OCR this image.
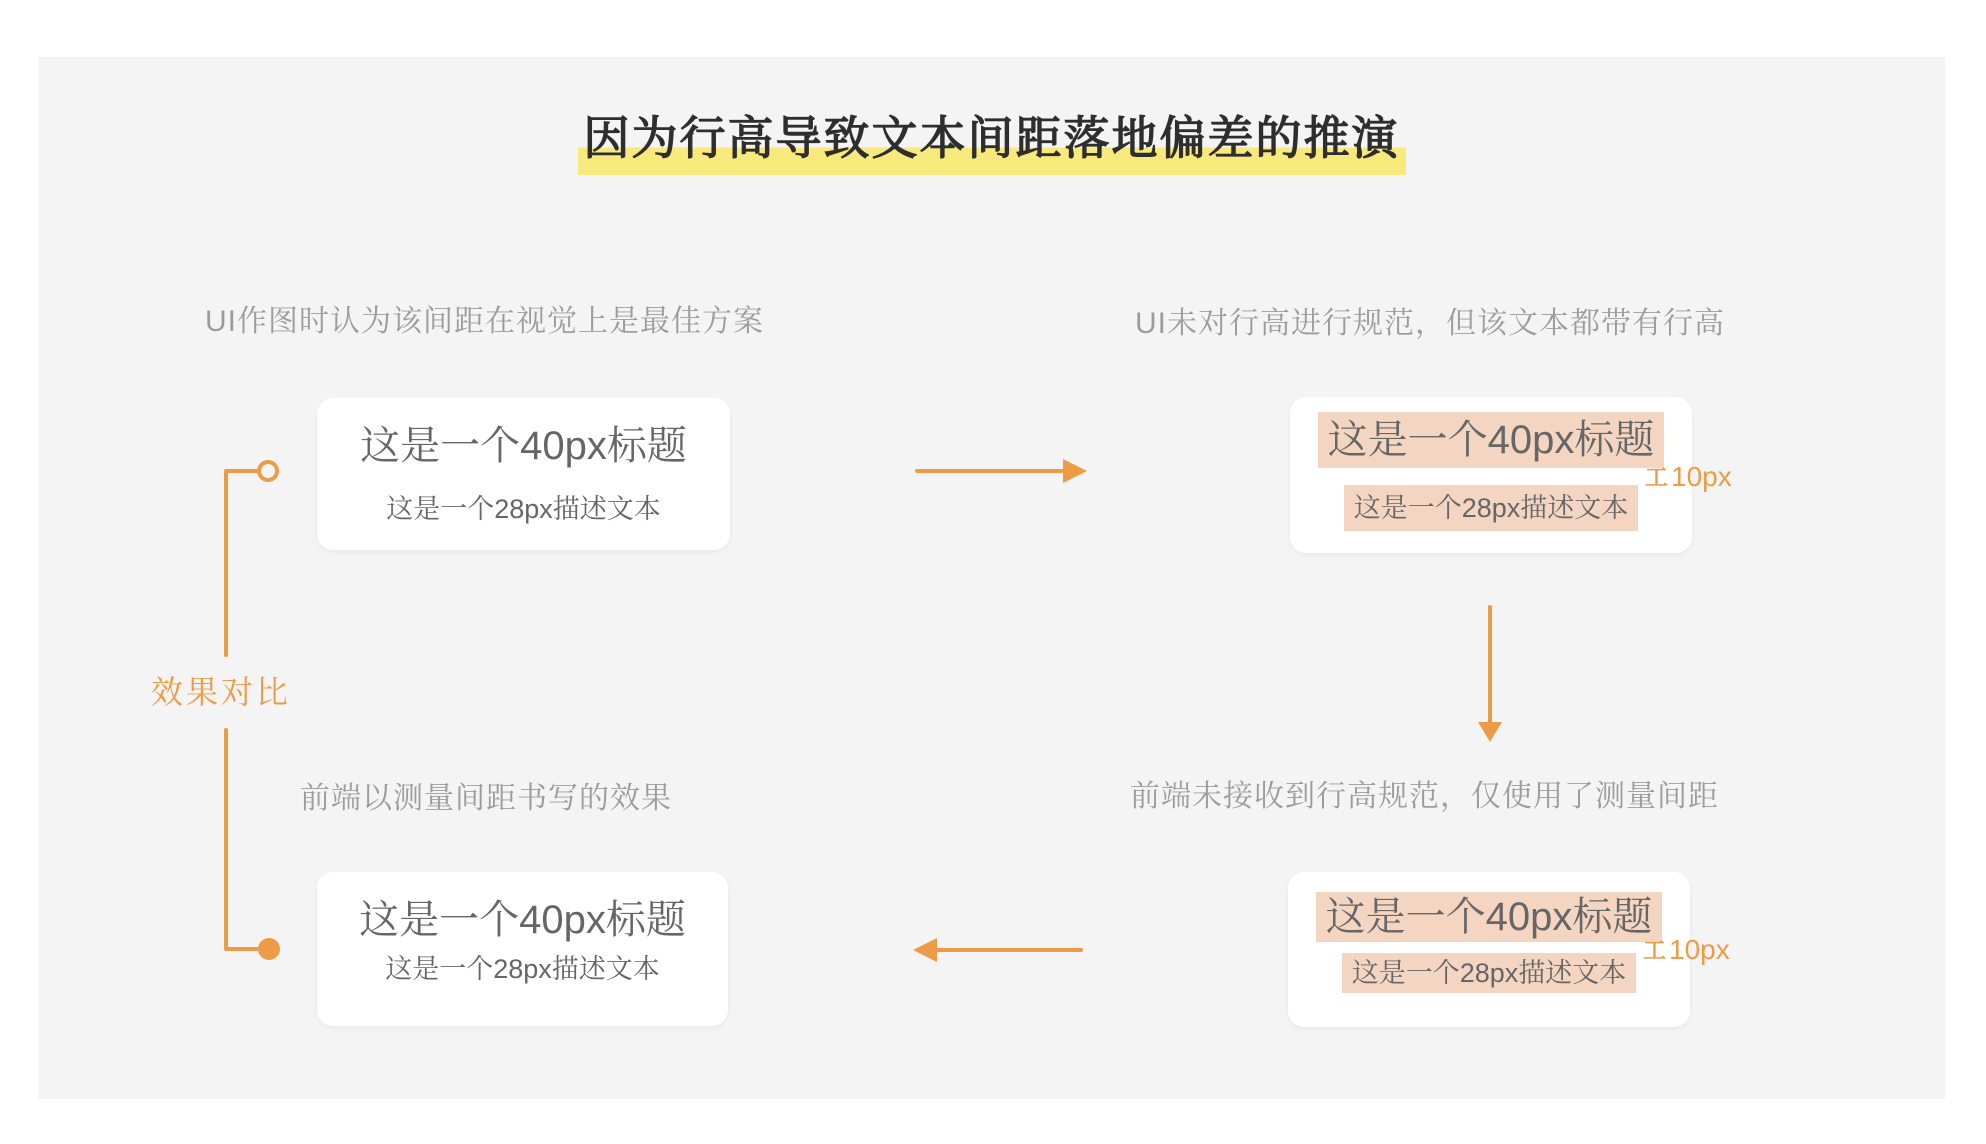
因为行高导致文本间距落地偏差的推演
UI作图时认为该间距在视觉上是最佳方案
这是一个40px标题
这是一个28px描述文本
UI未对行高进行规范，但该文本都带有行高
这是一个40px标题
这是一个28px描述文本
工 10px
前端未接收到行高规范，仅使用了测量间距
这是一个40px标题
这是一个28px描述文本
工 10px
前端以测量间距书写的效果
这是一个40px标题
这是一个28px描述文本
效果对比
